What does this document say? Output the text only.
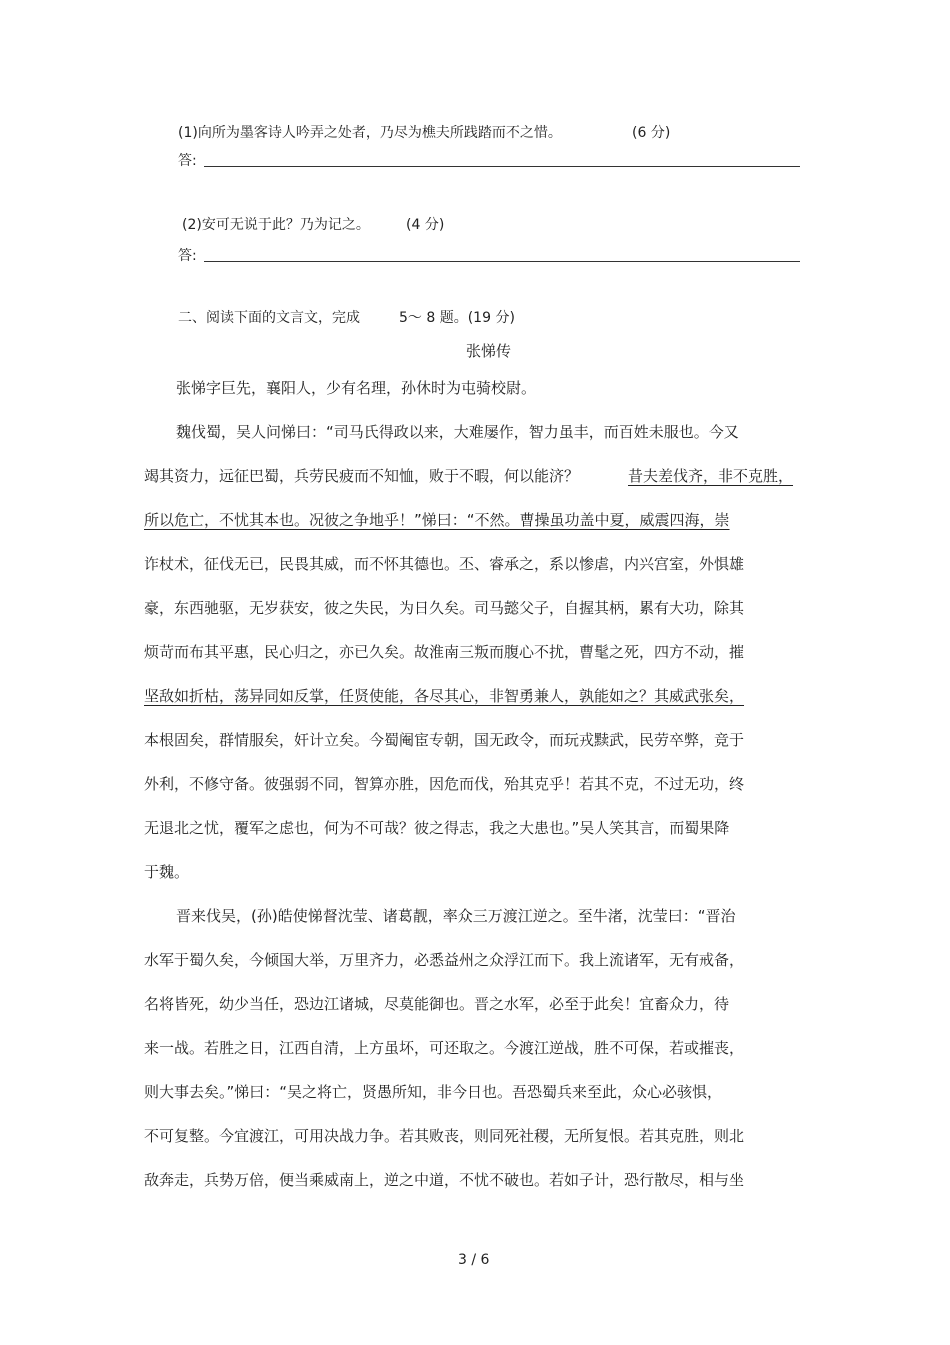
(1)向所为墨客诗人吟弄之处者，乃尽为樵夫所践踏而不之惜。	(6 分)
答:
(2)安可无说于此？乃为记之。	(4 分)
答:
二、阅读下面的文言文，完成	5～ 8 题。(19 分)
张悌传
张悌字巨先，襄阳人，少有名理，孙休时为屯骑校尉。
魏伐蜀，吴人问悌曰：“司马氏得政以来，大难屡作，智力虽丰，而百姓未服也。今又
竭其资力，远征巴蜀，兵劳民疲而不知恤，败于不暇，何以能济？	昔夫差伐齐，非不克胜，
所以危亡，不忧其本也。况彼之争地乎！”悌曰：“不然。曹操虽功盖中夏，威震四海，崇
诈杖术，征伐无已，民畏其威，而不怀其德也。丕、睿承之，系以惨虐，内兴宫室，外惧雄
豪，东西驰驱，无岁获安，彼之失民，为日久矣。司马懿父子，自握其柄，累有大功，除其
烦苛而布其平惠，民心归之，亦已久矣。故淮南三叛而腹心不扰，曹髦之死，四方不动，摧
坚敌如折枯，荡异同如反掌，任贤使能，各尽其心，非智勇兼人，孰能如之？其威武张矣，
本根固矣，群情服矣，奸计立矣。今蜀阉宦专朝，国无政令，而玩戎黩武，民劳卒弊，竞于
外利，不修守备。彼强弱不同，智算亦胜，因危而伐，殆其克乎！若其不克，不过无功，终
无退北之忧，覆军之虑也，何为不可哉？彼之得志，我之大患也。”吴人笑其言，而蜀果降
于魏。
晋来伐吴，(孙)皓使悌督沈莹、诸葛靓，率众三万渡江逆之。至牛渚，沈莹曰：“晋治
水军于蜀久矣，今倾国大举，万里齐力，必悉益州之众浮江而下。我上流诸军，无有戒备，
名将皆死，幼少当任，恐边江诸城，尽莫能御也。晋之水军，必至于此矣！宜畜众力，待
来一战。若胜之日，江西自清，上方虽坏，可还取之。今渡江逆战，胜不可保，若或摧丧，
则大事去矣。”悌曰：“吴之将亡，贤愚所知，非今日也。吾恐蜀兵来至此，众心必骇惧，
不可复整。今宜渡江，可用决战力争。若其败丧，则同死社稷，无所复恨。若其克胜，则北
敌奔走，兵势万倍，便当乘威南上，逆之中道，不忧不破也。若如子计，恐行散尽，相与坐
3 / 6
